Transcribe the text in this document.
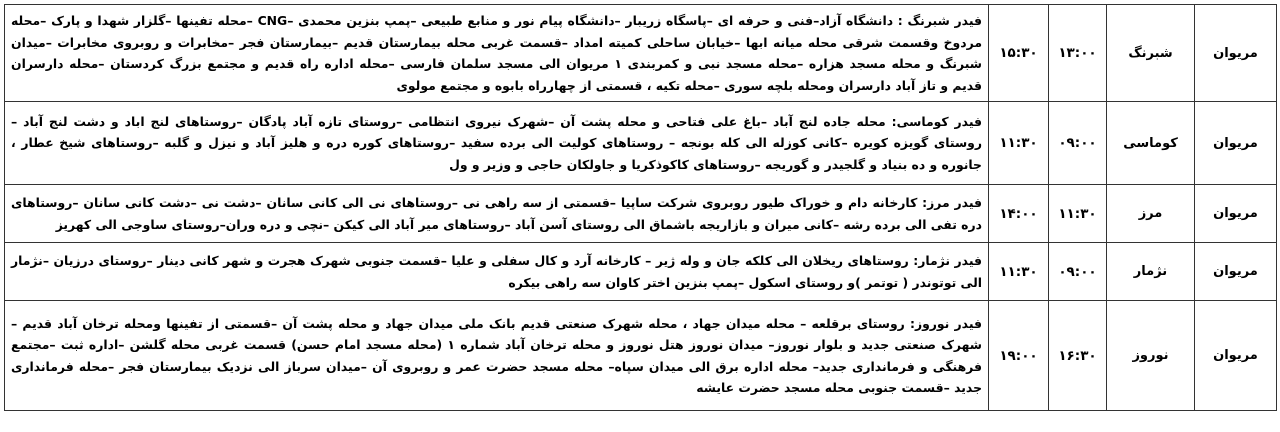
مریوان	شبرنگ	۱۳:۰۰	۱۵:۳۰	فیدر شبرنگ : دانشگاه آزاد–فنی و حرفه ای –پاسگاه زریبار –دانشگاه پیام نور و منابع طبیعی –پمپ بنزین محمدی –CNG –محله تفینها –گلزار شهدا و پارک –محله مردوخ وقسمت شرقی محله میانه ابها –خیابان ساحلی کمیته امداد –قسمت غربی محله بیمارستان قدیم –بیمارستان فجر –مخابرات و روبروی مخابرات –میدان شبرنگ و محله مسجد هزاره –محله مسجد نبی و کمربندی ۱ مریوان الی مسجد سلمان فارسی –محله اداره راه قدیم و مجتمع بزرگ کردستان –محله دارسران قدیم و تاز آباد دارسران ومحله بلچه سوری –محله تکیه ، قسمتی از چهارراه بابوه و مجتمع مولوی
مریوان	کوماسی	۰۹:۰۰	۱۱:۳۰	فیدر کوماسی: محله جاده لنج آباد –باغ علی فتاحی و محله پشت آن –شهرک نیروی انتظامی –روستای تازه آباد پادگان –روستاهای لنج اباد و دشت لنج آباد –روستای گویزه کویره –کانی کوزله الی کله بونجه – روستاهای کولیت الی برده سفید –روستاهای کوره دره و هلیز آباد و نیزل و گلبه –روستاهای شیخ عطار ، جانوره و ده بنیاد و گلجیدر و گوریجه –روستاهای کاکوذکریا و جاولکان حاجی و وزیر و ول
مریوان	مرز	۱۱:۳۰	۱۴:۰۰	فیدر مرز: کارخانه دام و خوراک طیور روبروی شرکت ساپیا –قسمتی از سه راهی نی –روستاهای نی الی کانی سانان –دشت نی –دشت کانی سانان –روستاهای دره تفی الی برده رشه –کانی میران و بازاریجه باشماق الی روستای آسن آباد –روستاهای میر آباد الی کیکن –نچی و دره وران–روستای ساوجی الی کهریز
مریوان	نژمار	۰۹:۰۰	۱۱:۳۰	فیدر نژمار: روستاهای ریخلان الی کلکه جان و وله ژیر – کارخانه آرد و کال سفلی و علیا –قسمت جنوبی شهرک هجرت و شهر کانی دینار –روستای درزیان –نژمار الی توتوندر ( توتمر )و روستای اسکول –پمپ بنزین اختر کاوان سه راهی بیکره
مریوان	نوروز	۱۶:۳۰	۱۹:۰۰	فیدر نوروز: روستای برقلعه – محله میدان جهاد ، محله شهرک صنعتی قدیم بانک ملی میدان جهاد و محله پشت آن –قسمتی از تفینها ومحله ترخان آباد قدیم –شهرک صنعتی جدید و بلوار نوروز– میدان نوروز هتل نوروز و محله ترخان آباد شماره ۱ (محله مسجد امام حسن) قسمت غربی محله گلشن –اداره ثبت –مجتمع فرهنگی و فرمانداری جدید– محله اداره برق الی میدان سپاه– محله مسجد حضرت عمر و روبروی آن –میدان سرباز الی نزدیک بیمارستان فجر –محله فرمانداری جدید –قسمت جنوبی محله مسجد حضرت عایشه
